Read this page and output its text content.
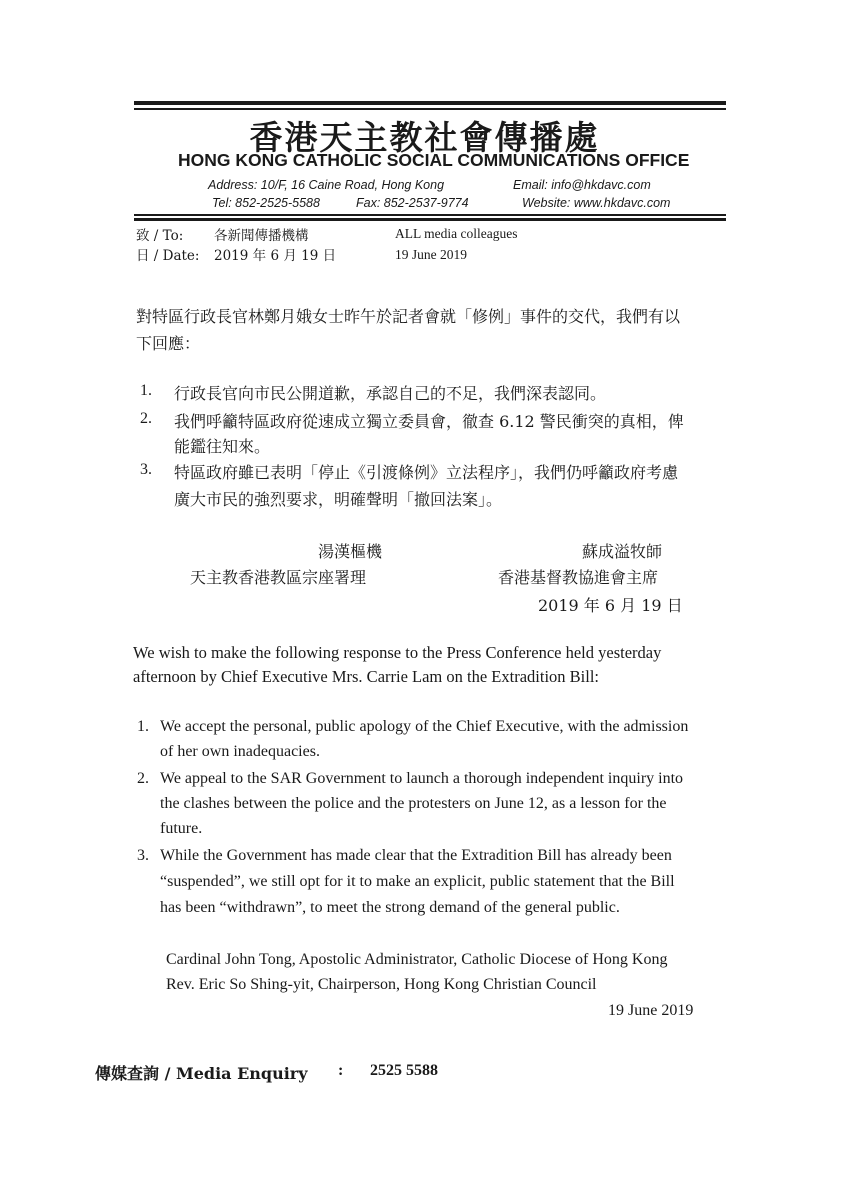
香港天主教社會傳播處
HONG KONG CATHOLIC SOCIAL COMMUNICATIONS OFFICE
Address: 10/F, 16 Caine Road, Hong Kong	Email: info@hkdavc.com
Tel: 852-2525-5588	Fax: 852-2537-9774	Website: www.hkdavc.com
致 / To: 各新聞傳播機構	ALL media colleagues
日 / Date: 2019 年 6 月 19 日	19 June 2019
對特區行政長官林鄭月娥女士昨午於記者會就「修例」事件的交代，我們有以
下回應：
1. 行政長官向市民公開道歉，承認自己的不足，我們深表認同。
2. 我們呼籲特區政府從速成立獨立委員會，徹查 6.12 警民衝突的真相，俾
能鑑往知來。
3. 特區政府雖已表明「停止《引渡條例》立法程序」，我們仍呼籲政府考慮
廣大市民的強烈要求，明確聲明「撤回法案」。
湯漢樞機
天主教香港教區宗座署理
蘇成溢牧師
香港基督教協進會主席
2019 年 6 月 19 日
We wish to make the following response to the Press Conference held yesterday
afternoon by Chief Executive Mrs. Carrie Lam on the Extradition Bill:
1. We accept the personal, public apology of the Chief Executive, with the admission
of her own inadequacies.
2. We appeal to the SAR Government to launch a thorough independent inquiry into
the clashes between the police and the protesters on June 12, as a lesson for the
future.
3. While the Government has made clear that the Extradition Bill has already been
“suspended”, we still opt for it to make an explicit, public statement that the Bill
has been “withdrawn”, to meet the strong demand of the general public.
Cardinal John Tong, Apostolic Administrator, Catholic Diocese of Hong Kong
Rev. Eric So Shing-yit, Chairperson, Hong Kong Christian Council
19 June 2019
傳媒查詢 / Media Enquiry : 2525 5588
